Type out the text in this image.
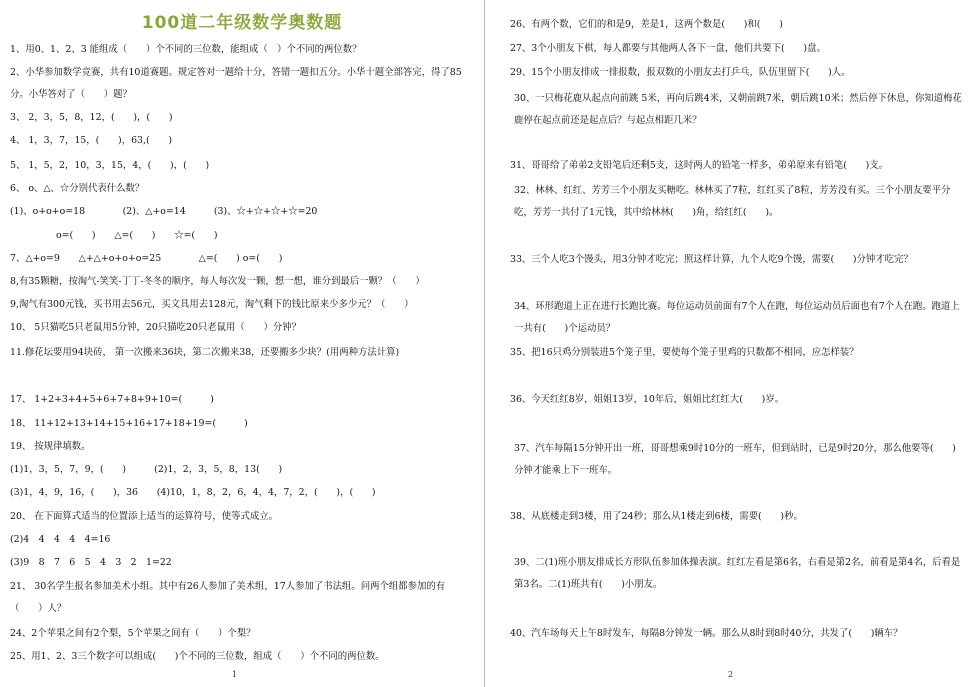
100道二年级数学奥数题
1、用0、1、2、3 能组成（　　）个不同的三位数，能组成（　）个不同的两位数？
2、小华参加数学竞赛，共有10道赛题。规定答对一题给十分，答错一题扣五分。小华十题全部答完，得了85 分。小华答对了（　　）题？
3、 2，3，5，8，12，(　　)，(　　)
4、 1，3，7，15，(　　)，63,(　　)
5、 1，5，2，10，3，15，4，(　　)，(　　)
6、 o、△、☆分别代表什么数？
(1)、o+o+o=18　　　　(2)、△+o=14　　　(3)、☆+☆+☆+☆=20
o=(　　)　　△=(　　)　　☆=(　　)
7、△+o=9　　△+△+o+o+o=25　　　　△=(　　) o=(　　)
8,有35颗糖，按淘气-笑笑-丁丁-冬冬的顺序，每人每次发一颗，想一想，谁分到最后一颗？（　　）
9,淘气有300元钱，买书用去56元，买文具用去128元，淘气剩下的钱比原来少多少元？（　　）
10、 5只猫吃5只老鼠用5分钟，20只猫吃20只老鼠用（　　）分钟？
11.修花坛要用94块砖， 第一次搬来36块，第二次搬来38，还要搬多少块？(用两种方法计算)
17、 1+2+3+4+5+6+7+8+9+10=(　　　)
18、 11+12+13+14+15+16+17+18+19=(　　　)
19、 按规律填数。
(1)1，3，5，7，9，(　　)　　　(2)1，2，3，5，8，13(　　)
(3)1，4，9，16，(　　)，36　　(4)10，1，8，2，6，4，4，7，2，(　　)，(　　)
20、 在下面算式适当的位置添上适当的运算符号，使等式成立。
(2)4　4　4　4　4=16
(3)9　8　7　6　5　4　3　2　1=22
21、 30名学生报名参加美术小组。其中有26人参加了美术组，17人参加了书法组。问两个组都参加的有（　　）人？
24、2个苹果之间有2个梨，5个苹果之间有（　　）个梨？
25、用1、2、3三个数字可以组成(　　)个不同的三位数，组成（　　）个不同的两位数。
1
26、有两个数，它们的和是9，差是1，这两个数是(　　)和(　　)
27、3个小朋友下棋，每人都要与其他两人各下一盘，他们共要下(　　)盘。
29、15个小朋友排成一排报数，报双数的小朋友去打乒乓，队伍里留下(　　)人。
30、一只梅花鹿从起点向前跳 5米，再向后跳4米，又朝前跳7米，朝后跳10米；然后停下休息，你知道梅花鹿停在起点前还是起点后？与起点相距几米？
31、哥哥给了弟弟2支铅笔后还剩5支，这时两人的铅笔一样多，弟弟原来有铅笔(　　)支。
32、林林、红红、芳芳三个小朋友买糖吃。林林买了7粒，红红买了8粒，芳芳没有买。三个小朋友要平分吃，芳芳一共付了1元钱，其中给林林(　　)角，给红红(　　)。
33、三个人吃3个馒头，用3分钟才吃完；照这样计算，九个人吃9个馒，需要(　　)分钟才吃完？
34、环形跑道上正在进行长跑比赛。每位运动员前面有7个人在跑，每位运动员后面也有7个人在跑。跑道上一共有(　　)个运动员？
35、把16只鸡分别装进5个笼子里，要使每个笼子里鸡的只数都不相同，应怎样装？
36、今天红红8岁，姐姐13岁，10年后，姐姐比红红大(　　)岁。
37、汽车每隔15分钟开出一班，哥哥想乘9时10分的一班车，但到站时，已是9时20分，那么他要等(　　)分钟才能乘上下一班车。
38、从底楼走到3楼，用了24秒；那么从1楼走到6楼，需要(　　)秒。
39、二(1)班小朋友排成长方形队伍参加体操表演。红红左看是第6名，右看是第2名，前看是第4名，后看是第3名。二(1)班共有(　　)小朋友。
40、汽车场每天上午8时发车，每隔8分钟发一辆。那么从8时到8时40分，共发了(　　)辆车？
2
